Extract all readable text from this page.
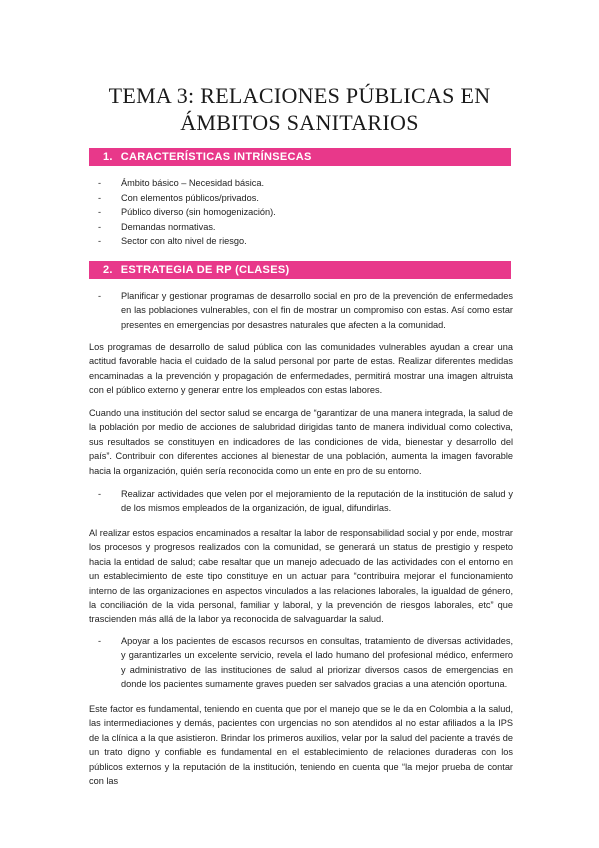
TEMA 3: RELACIONES PÚBLICAS EN
ÁMBITOS SANITARIOS
1. CARACTERÍSTICAS INTRÍNSECAS
- Ámbito básico – Necesidad básica.
- Con elementos públicos/privados.
- Público diverso (sin homogenización).
- Demandas normativas.
- Sector con alto nivel de riesgo.
2. ESTRATEGIA DE RP (CLASES)
- Planificar y gestionar programas de desarrollo social en pro de la prevención de enfermedades en las poblaciones vulnerables, con el fin de mostrar un compromiso con estas. Así como estar presentes en emergencias por desastres naturales que afecten a la comunidad.

Los programas de desarrollo de salud pública con las comunidades vulnerables ayudan a crear una actitud favorable hacia el cuidado de la salud personal por parte de estas. Realizar diferentes medidas encaminadas a la prevención y propagación de enfermedades, permitirá mostrar una imagen altruista con el público externo y generar entre los empleados con estas labores.

Cuando una institución del sector salud se encarga de “garantizar de una manera integrada, la salud de la población por medio de acciones de salubridad dirigidas tanto de manera individual como colectiva, sus resultados se constituyen en indicadores de las condiciones de vida, bienestar y desarrollo del país”. Contribuir con diferentes acciones al bienestar de una población, aumenta la imagen favorable hacia la organización, quién sería reconocida como un ente en pro de su entorno.

- Realizar actividades que velen por el mejoramiento de la reputación de la institución de salud y de los mismos empleados de la organización, de igual, difundirlas.

Al realizar estos espacios encaminados a resaltar la labor de responsabilidad social y por ende, mostrar los procesos y progresos realizados con la comunidad, se generará un status de prestigio y respeto hacia la entidad de salud; cabe resaltar que un manejo adecuado de las actividades con el entorno en un establecimiento de este tipo constituye en un actuar para “contribuira mejorar el funcionamiento interno de las organizaciones en aspectos vinculados a las relaciones laborales, la igualdad de género, la conciliación de la vida personal, familiar y laboral, y la prevención de riesgos laborales, etc” que trascienden más allá de la labor ya reconocida de salvaguardar la salud.

- Apoyar a los pacientes de escasos recursos en consultas, tratamiento de diversas actividades, y garantizarles un excelente servicio, revela el lado humano del profesional médico, enfermero y administrativo de las instituciones de salud al priorizar diversos casos de emergencias en donde los pacientes sumamente graves pueden ser salvados gracias a una atención oportuna.

Este factor es fundamental, teniendo en cuenta que por el manejo que se le da en Colombia a la salud, las intermediaciones y demás, pacientes con urgencias no son atendidos al no estar afiliados a la IPS de la clínica a la que asistieron. Brindar los primeros auxilios, velar por la salud del paciente a través de un trato digno y confiable es fundamental en el establecimiento de relaciones duraderas con los públicos externos y la reputación de la institución, teniendo en cuenta que “la mejor prueba de contar con las
